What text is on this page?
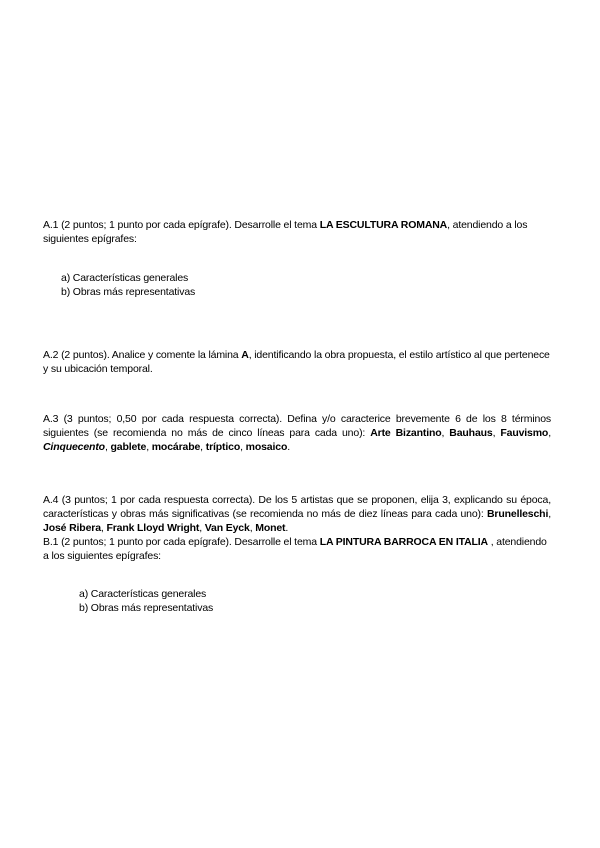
A.1 (2 puntos; 1 punto por cada epígrafe). Desarrolle el tema LA ESCULTURA ROMANA, atendiendo a los siguientes epígrafes:

a) Características generales

b) Obras más representativas

A.2 (2 puntos). Analice y comente la lámina A, identificando la obra propuesta, el estilo artístico al que pertenece y su ubicación temporal.
A.3 (3 puntos; 0,50 por cada respuesta correcta). Defina y/o caracterice brevemente 6 de los 8 términos siguientes (se recomienda no más de cinco líneas para cada uno): Arte Bizantino, Bauhaus, Fauvismo, Cinquecento, gablete, mocárabe, tríptico, mosaico.
A.4 (3 puntos; 1 por cada respuesta correcta). De los 5 artistas que se proponen, elija 3, explicando su época, características y obras más significativas (se recomienda no más de diez líneas para cada uno): Brunelleschi, José Ribera, Frank Lloyd Wright, Van Eyck, Monet.
B.1 (2 puntos; 1 punto por cada epígrafe). Desarrolle el tema LA PINTURA BARROCA EN ITALIA , atendiendo a los siguientes epígrafes:

a) Características generales

b) Obras más representativas
